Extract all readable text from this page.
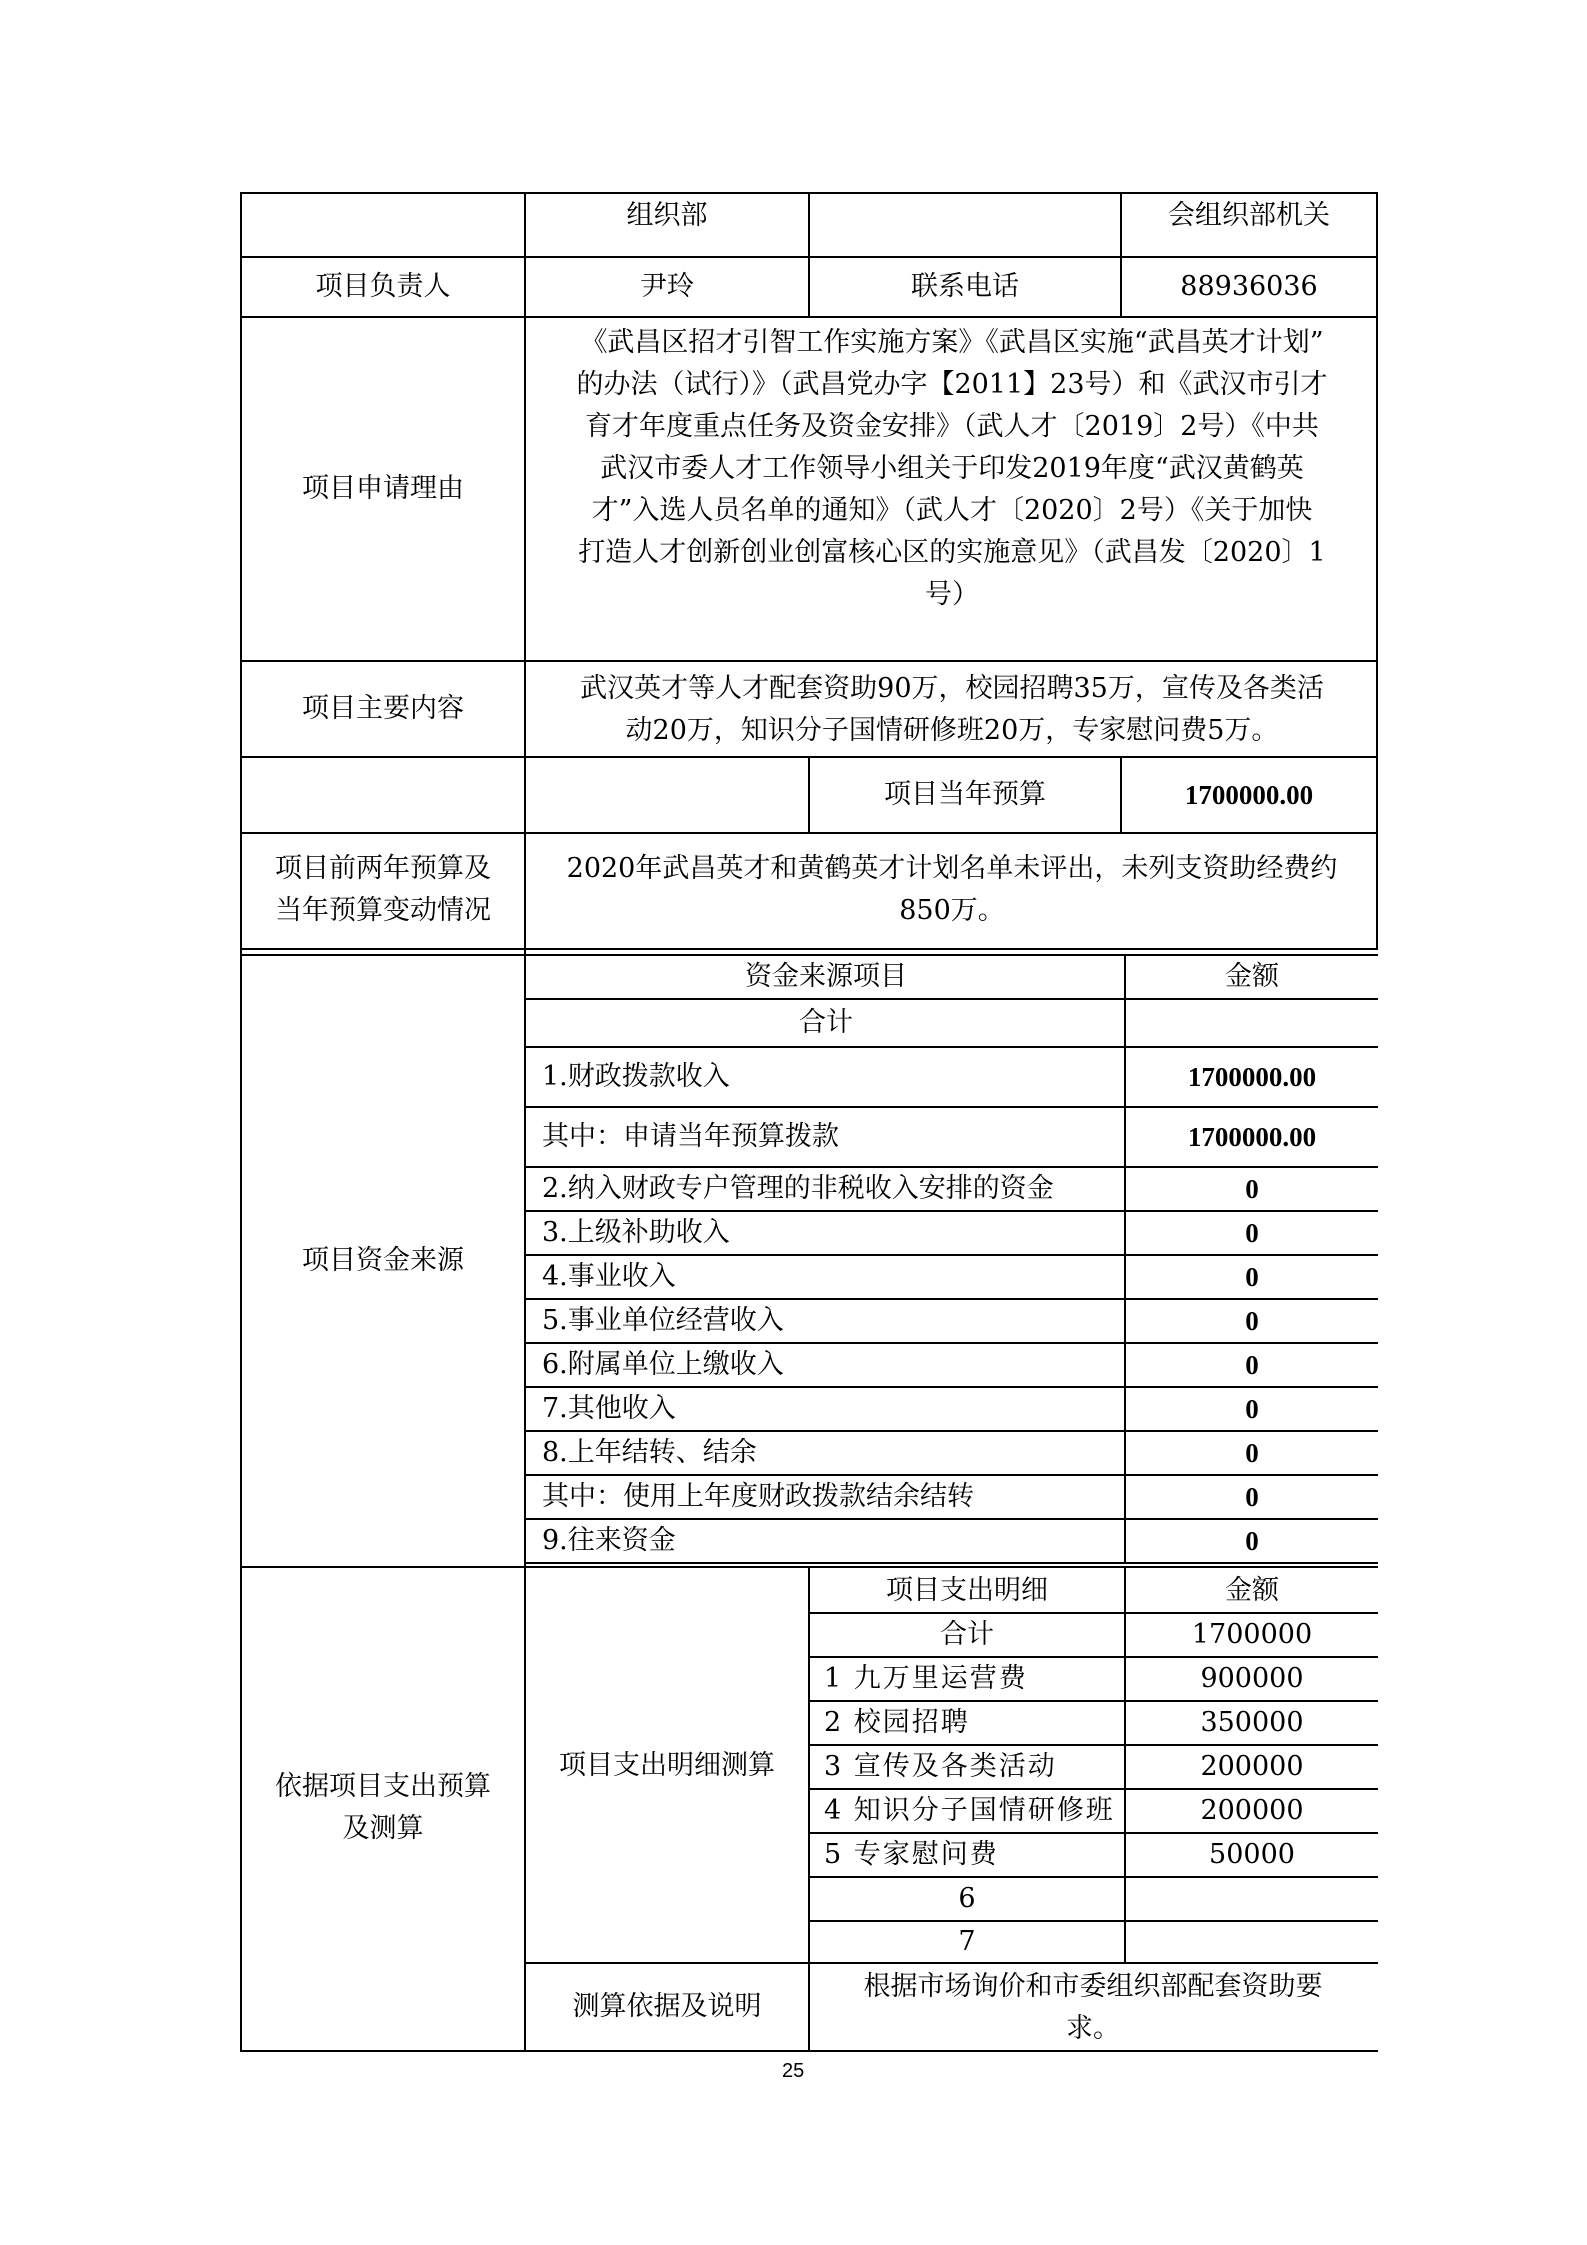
组织部	会组织部机关
项目负责人	尹玲	联系电话	88936036
项目申请理由
《武昌区招才引智工作实施方案》《武昌区实施“武昌英才计划”
的办法（试行）》（武昌党办字【2011】23号）和《武汉市引才
育才年度重点任务及资金安排》（武人才〔2019〕2号）《中共
武汉市委人才工作领导小组关于印发2019年度“武汉黄鹤英
才”入选人员名单的通知》（武人才〔2020〕2号）《关于加快
打造人才创新创业创富核心区的实施意见》（武昌发〔2020〕1
号）
项目主要内容
武汉英才等人才配套资助90万，校园招聘35万，宣传及各类活
动20万，知识分子国情研修班20万，专家慰问费5万。
项目当年预算	1700000.00
项目前两年预算及
当年预算变动情况
2020年武昌英才和黄鹤英才计划名单未评出，未列支资助经费约
850万。
项目资金来源
资金来源项目	金额
合计
1.财政拨款收入	1700000.00
其中：申请当年预算拨款	1700000.00
2.纳入财政专户管理的非税收入安排的资金	0
3.上级补助收入	0
4.事业收入	0
5.事业单位经营收入	0
6.附属单位上缴收入	0
7.其他收入	0
8.上年结转、结余	0
其中：使用上年度财政拨款结余结转	0
9.往来资金	0
依据项目支出预算
及测算
项目支出明细测算
项目支出明细	金额
合计	1700000
1 九万里运营费	900000
2 校园招聘	350000
3 宣传及各类活动	200000
4 知识分子国情研修班	200000
5 专家慰问费	50000
6
7
测算依据及说明
根据市场询价和市委组织部配套资助要
求。
25
